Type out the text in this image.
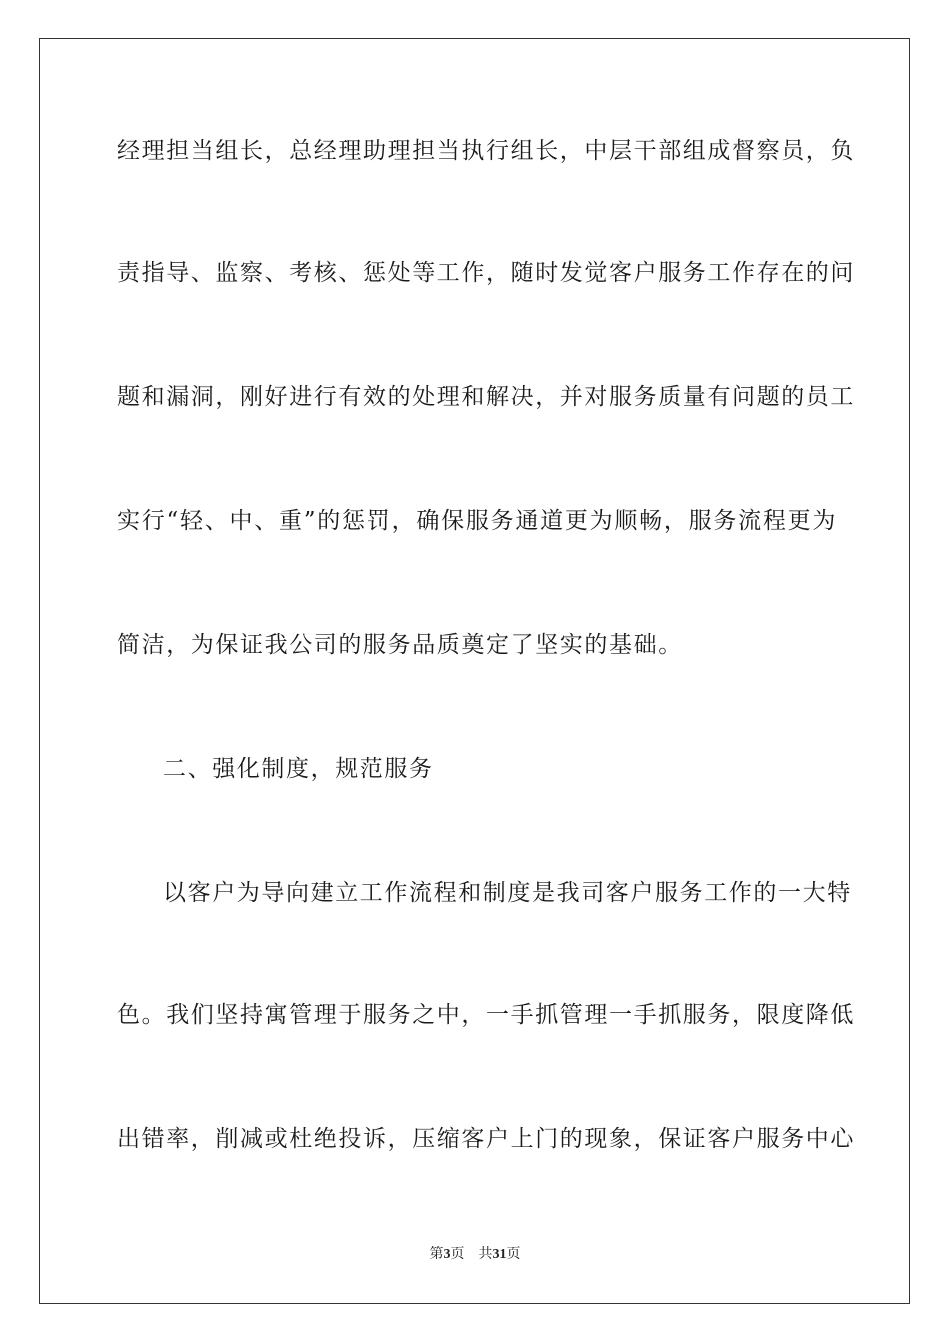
经理担当组长，总经理助理担当执行组长，中层干部组成督察员，负
责指导、监察、考核、惩处等工作，随时发觉客户服务工作存在的问
题和漏洞，刚好进行有效的处理和解决，并对服务质量有问题的员工
实行“轻、中、重”的惩罚，确保服务通道更为顺畅，服务流程更为
简洁，为保证我公司的服务品质奠定了坚实的基础。
二、强化制度，规范服务
以客户为导向建立工作流程和制度是我司客户服务工作的一大特
色。我们坚持寓管理于服务之中，一手抓管理一手抓服务，限度降低
出错率，削减或杜绝投诉，压缩客户上门的现象，保证客户服务中心
第3页 共31页
